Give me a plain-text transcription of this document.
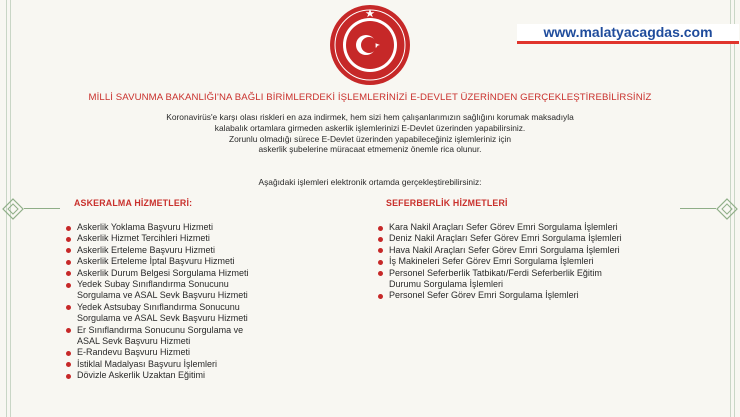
www.malatyacagdas.com
MİLLİ SAVUNMA BAKANLIĞI'NA BAĞLI BİRİMLERDEKİ İŞLEMLERİNİZİ E-DEVLET ÜZERİNDEN GERÇEKLEŞTİREBİLİRSİNİZ

Koronavirüs'e karşı olası riskleri en aza indirmek, hem sizi hem çalışanlarımızın sağlığını korumak maksadıyla

kalabalık ortamlara girmeden askerlik işlemlerinizi E-Devlet üzerinden yapabilirsiniz.

Zorunlu olmadığı sürece E-Devlet üzerinden yapabileceğiniz işlemleriniz için

askerlik şubelerine müracaat etmemeniz önemle rica olunur.

Aşağıdaki işlemleri elektronik ortamda gerçekleştirebilirsiniz:
ASKERALMA HİZMETLERİ:	SEFERBERLİK HİZMETLERİ
Askerlik Yoklama Başvuru Hizmeti
Askerlik Hizmet Tercihleri Hizmeti
Askerlik Erteleme Başvuru Hizmeti
Askerlik Erteleme İptal Başvuru Hizmeti
Askerlik Durum Belgesi Sorgulama Hizmeti
Yedek Subay Sınıflandırma Sonucunu
Sorgulama ve ASAL Sevk Başvuru Hizmeti
Yedek Astsubay Sınıflandırma Sonucunu
Sorgulama ve ASAL Sevk Başvuru Hizmeti
Er Sınıflandırma Sonucunu Sorgulama ve
ASAL Sevk Başvuru Hizmeti
E-Randevu Başvuru Hizmeti
İstiklal Madalyası Başvuru İşlemleri
Dövizle Askerlik Uzaktan Eğitimi
Kara Nakil Araçları Sefer Görev Emri Sorgulama İşlemleri
Deniz Nakil Araçları Sefer Görev Emri Sorgulama İşlemleri
Hava Nakil Araçları Sefer Görev Emri Sorgulama İşlemleri
İş Makineleri Sefer Görev Emri Sorgulama İşlemleri
Personel Seferberlik Tatbikatı/Ferdi Seferberlik Eğitim
Durumu Sorgulama İşlemleri
Personel Sefer Görev Emri Sorgulama İşlemleri
